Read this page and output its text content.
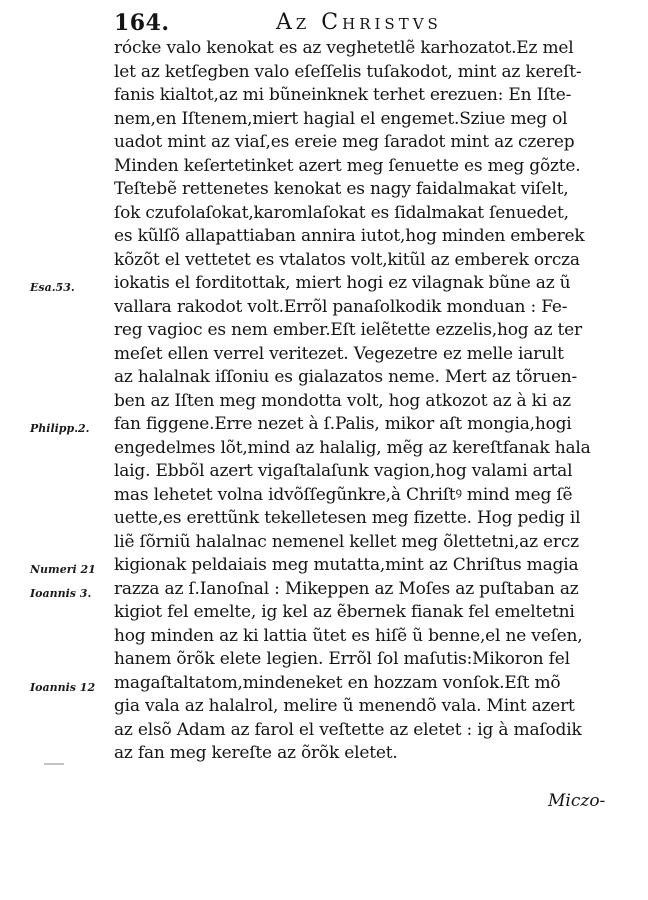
164.	Az Christvs
rócke valo kenokat es az veghetetlẽ karhozatot.Ez mel
let az ketſegben valo eſeſſelis tuſakodot, mint az kereſt-
fanis kialtot,az mi bũneinknek terhet erezuen: En Iſte-
nem,en Iſtenem,miert hagial el engemet.Sziue meg ol
uadot mint az viaſ,es ereie meg ſaradot mint az czerep
Minden keſertetinket azert meg ſenuette es meg gõzte.
Teſtebẽ rettenetes kenokat es nagy faidalmakat viſelt,
ſok czufolaſokat,karomlaſokat es ſidalmakat ſenuedet,
es kũlſõ allapattiaban annira iutot,hog minden emberek
kõzõt el vettetet es vtalatos volt,kitũl az emberek orcza
iokatis el forditottak, miert hogi ez vilagnak bũne az ũ
vallara rakodot volt.Errõl panaſolkodik monduan : Fe-
reg vagioc es nem ember.Eſt ielẽtette ezzelis,hog az ter
meſet ellen verrel veritezet. Vegezetre ez melle iarult
az halalnak iſſoniu es gialazatos neme. Mert az tõruen-
ben az Iſten meg mondotta volt, hog atkozot az à ki az
fan figgene.Erre nezet à ſ.Palis, mikor aſt mongia,hogi
engedelmes lõt,mind az halalig, mẽg az kereſtfanak hala
laig. Ebbõl azert vigaſtalaſunk vagion,hog valami artal
mas lehetet volna idvõſſegũnkre,à Chriſtꝰ mind meg ſẽ
uette,es erettũnk tekelletesen meg fizette. Hog pedig il
liẽ ſõrniũ halalnac nemenel kellet meg õlettetni,az ercz
kigionak peldaiais meg mutatta,mint az Chriſtus magia
razza az ſ.Ianoſnal : Mikeppen az Moſes az puſtaban az
kigiot fel emelte, ig kel az ẽbernek fianak fel emeltetni
hog minden az ki lattia ũtet es hiſẽ ũ benne,el ne veſen,
hanem õrõk elete legien. Errõl ſol maſutis:Mikoron fel
magaſtaltatom,mindeneket en hozzam vonſok.Eſt mõ
gia vala az halalrol, melire ũ menendõ vala. Mint azert
az elsõ Adam az farol el veſtette az eletet : ig à maſodik
az fan meg kereſte az õrõk eletet.
Esa.53.
Philipp.2.
Numeri 21
Ioannis 3.
Ioannis 12
Miczo-
